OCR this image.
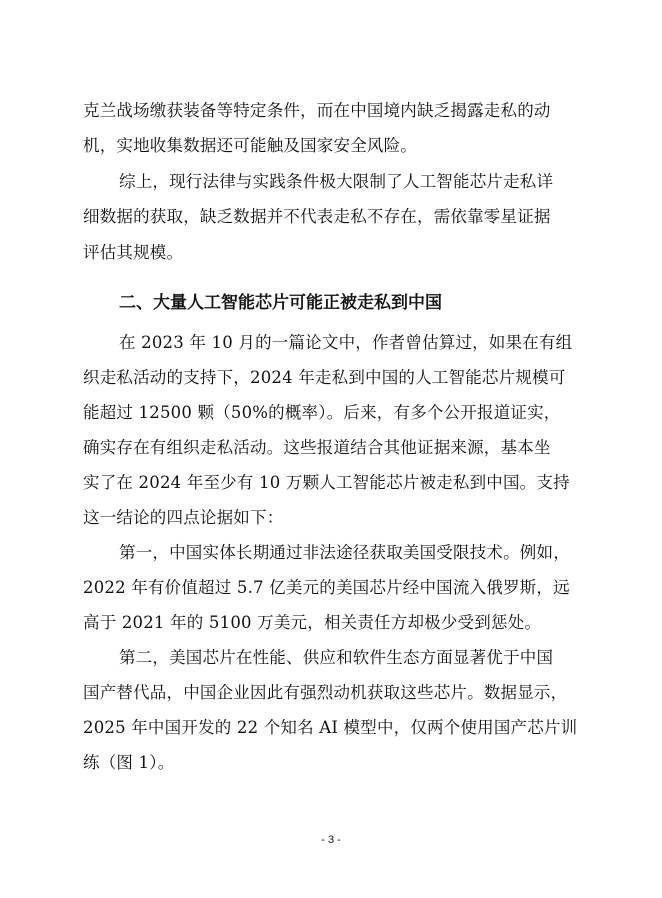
克兰战场缴获装备等特定条件，而在中国境内缺乏揭露走私的动
机，实地收集数据还可能触及国家安全风险。
综上，现行法律与实践条件极大限制了人工智能芯片走私详
细数据的获取，缺乏数据并不代表走私不存在，需依靠零星证据
评估其规模。
二、大量人工智能芯片可能正被走私到中国
在 2023 年 10 月的一篇论文中，作者曾估算过，如果在有组
织走私活动的支持下，2024 年走私到中国的人工智能芯片规模可
能超过 12500 颗（50%的概率）。后来，有多个公开报道证实，
确实存在有组织走私活动。这些报道结合其他证据来源，基本坐
实了在 2024 年至少有 10 万颗人工智能芯片被走私到中国。支持
这一结论的四点论据如下：
第一，中国实体长期通过非法途径获取美国受限技术。例如，
2022 年有价值超过 5.7 亿美元的美国芯片经中国流入俄罗斯，远
高于 2021 年的 5100 万美元，相关责任方却极少受到惩处。
第二，美国芯片在性能、供应和软件生态方面显著优于中国
国产替代品，中国企业因此有强烈动机获取这些芯片。数据显示，
2025 年中国开发的 22 个知名 AI 模型中，仅两个使用国产芯片训
练（图 1）。
- 3 -
